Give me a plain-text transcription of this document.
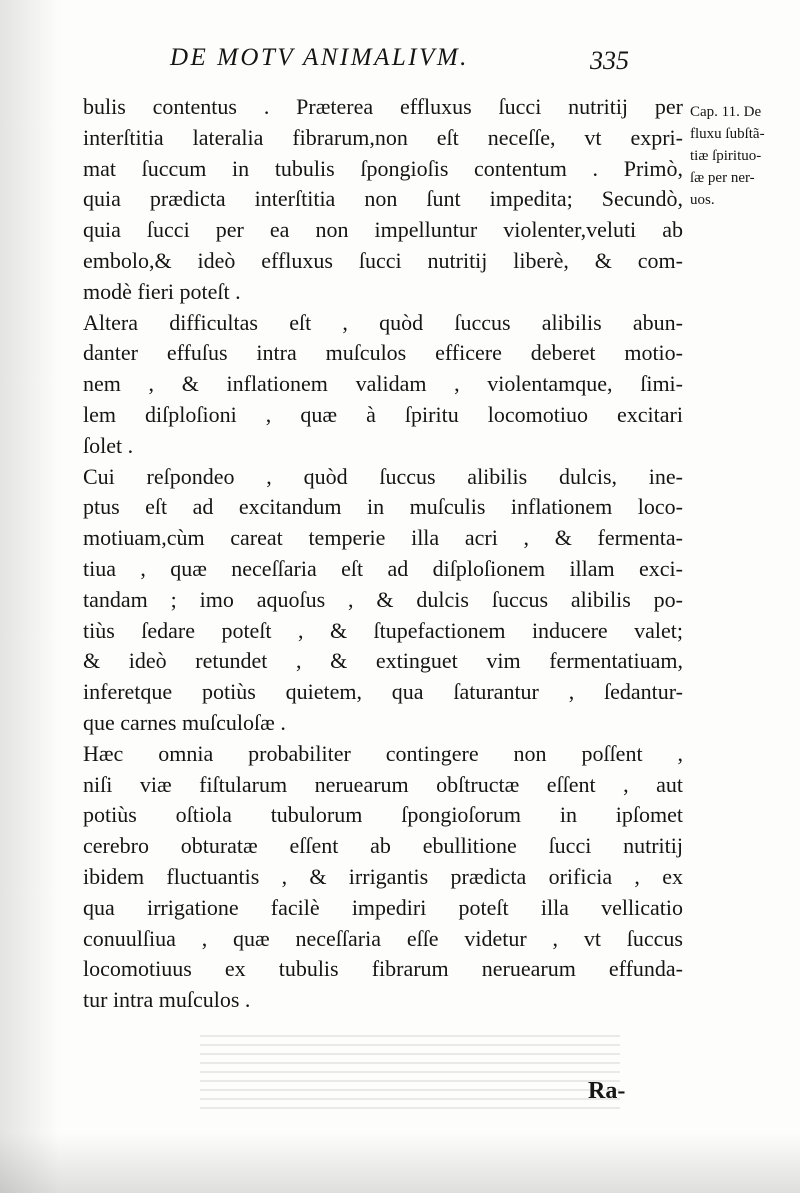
DE MOTV ANIMALIVM.	335
Cap. 11. De
fluxu ſubſtã-
tiæ ſpirituo-
ſæ per ner-
uos.
bulis contentus . Præterea effluxus ſucci nutritij per
interſtitia lateralia fibrarum,non eſt neceſſe, vt expri-
mat ſuccum in tubulis ſpongioſis contentum . Primò,
quia prædicta interſtitia non ſunt impedita; Secundò,
quia ſucci per ea non impelluntur violenter,veluti ab
embolo,& ideò effluxus ſucci nutritij liberè, & com-
modè fieri poteſt .
Altera difficultas eſt , quòd ſuccus alibilis abun-
danter effuſus intra muſculos efficere deberet motio-
nem , & inflationem validam , violentamque, ſimi-
lem diſploſioni , quæ à ſpiritu locomotiuo excitari
ſolet .
Cui reſpondeo , quòd ſuccus alibilis dulcis, ine-
ptus eſt ad excitandum in muſculis inflationem loco-
motiuam,cùm careat temperie illa acri , & fermenta-
tiua , quæ neceſſaria eſt ad diſploſionem illam exci-
tandam ; imo aquoſus , & dulcis ſuccus alibilis po-
tiùs ſedare poteſt , & ſtupefactionem inducere valet;
& ideò retundet , & extinguet vim fermentatiuam,
inferetque potiùs quietem, qua ſaturantur , ſedantur-
que carnes muſculoſæ .
Hæc omnia probabiliter contingere non poſſent ,
niſi viæ fiſtularum neruearum obſtructæ eſſent , aut
potiùs oſtiola tubulorum ſpongioſorum in ipſomet
cerebro obturatæ eſſent ab ebullitione ſucci nutritij
ibidem fluctuantis , & irrigantis prædicta orificia , ex
qua irrigatione facilè impediri poteſt illa vellicatio
conuulſiua , quæ neceſſaria eſſe videtur , vt ſuccus
locomotiuus ex tubulis fibrarum neruearum effunda-
tur intra muſculos .
Ra-
